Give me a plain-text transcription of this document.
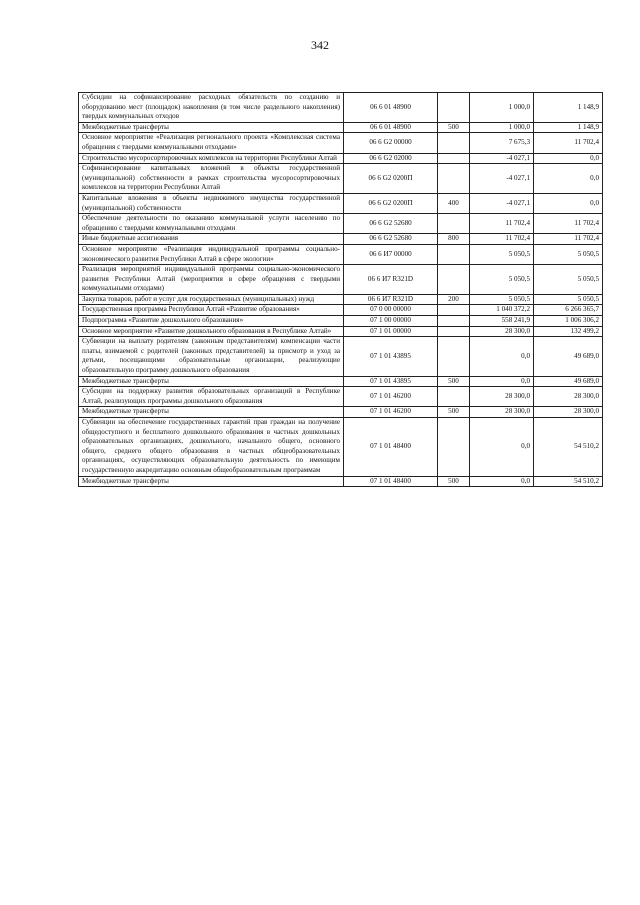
342
Субсидии на софинансирование расходных обязательств по созданию и оборудованию мест (площадок) накопления (в том числе раздельного накопления) твердых коммунальных отходов	06 6 01 48900		1 000,0	1 148,9
Межбюджетные трансферты	06 6 01 48900	500	1 000,0	1 148,9
Основное мероприятие «Реализация регионального проекта «Комплексная система обращения с твердыми коммунальными отходами»	06 6 G2 00000		7 675,3	11 702,4
Строительство мусоросортировочных комплексов на территории Республики Алтай	06 6 G2 02000		-4 027,1	0,0
Софинансирование капитальных вложений в объекты государственной (муниципальной) собственности в рамках строительства мусоросортировочных комплексов на территории Республики Алтай	06 6 G2 0200П		-4 027,1	0,0
Капитальные вложения в объекты недвижимого имущества государственной (муниципальной) собственности	06 6 G2 0200П	400	-4 027,1	0,0
Обеспечение деятельности по оказанию коммунальной услуги населению по обращению с твердыми коммунальными отходами	06 6 G2 52680		11 702,4	11 702,4
Иные бюджетные ассигнования	06 6 G2 52680	800	11 702,4	11 702,4
Основное мероприятие «Реализация индивидуальной программы социально-экономического развития Республики Алтай в сфере экологии»	06 6 И7 00000		5 050,5	5 050,5
Реализация мероприятий индивидуальной программы социально-экономического развития Республики Алтай (мероприятия в сфере обращения с твердыми коммунальными отходами)	06 6 И7 R321D		5 050,5	5 050,5
Закупка товаров, работ и услуг для государственных (муниципальных) нужд	06 6 И7 R321D	200	5 050,5	5 050,5
Государственная программа Республики Алтай «Развитие образования»	07 0 00 00000		1 040 372,2	6 266 365,7
Подпрограмма «Развитие дошкольного образования»	07 1 00 00000		558 241,9	1 006 306,2
Основное мероприятие «Развитие дошкольного образования в Республике Алтай»	07 1 01 00000		28 300,0	132 499,2
Субвенции на выплату родителям (законным представителям) компенсации части платы, взимаемой с родителей (законных представителей) за присмотр и уход за детьми, посещающими образовательные организации, реализующие образовательную программу дошкольного образования	07 1 01 43895		0,0	49 689,0
Межбюджетные трансферты	07 1 01 43895	500	0,0	49 689,0
Субсидии на поддержку развития образовательных организаций в Республике Алтай, реализующих программы дошкольного образования	07 1 01 46200		28 300,0	28 300,0
Межбюджетные трансферты	07 1 01 46200	500	28 300,0	28 300,0
Субвенции на обеспечение государственных гарантий прав граждан на получение общедоступного и бесплатного дошкольного образования в частных дошкольных образовательных организациях, дошкольного, начального общего, основного общего, среднего общего образования в частных общеобразовательных организациях, осуществляющих образовательную деятельность по имеющим государственную аккредитацию основным общеобразовательным программам	07 1 01 48400		0,0	54 510,2
Межбюджетные трансферты	07 1 01 48400	500	0,0	54 510,2
